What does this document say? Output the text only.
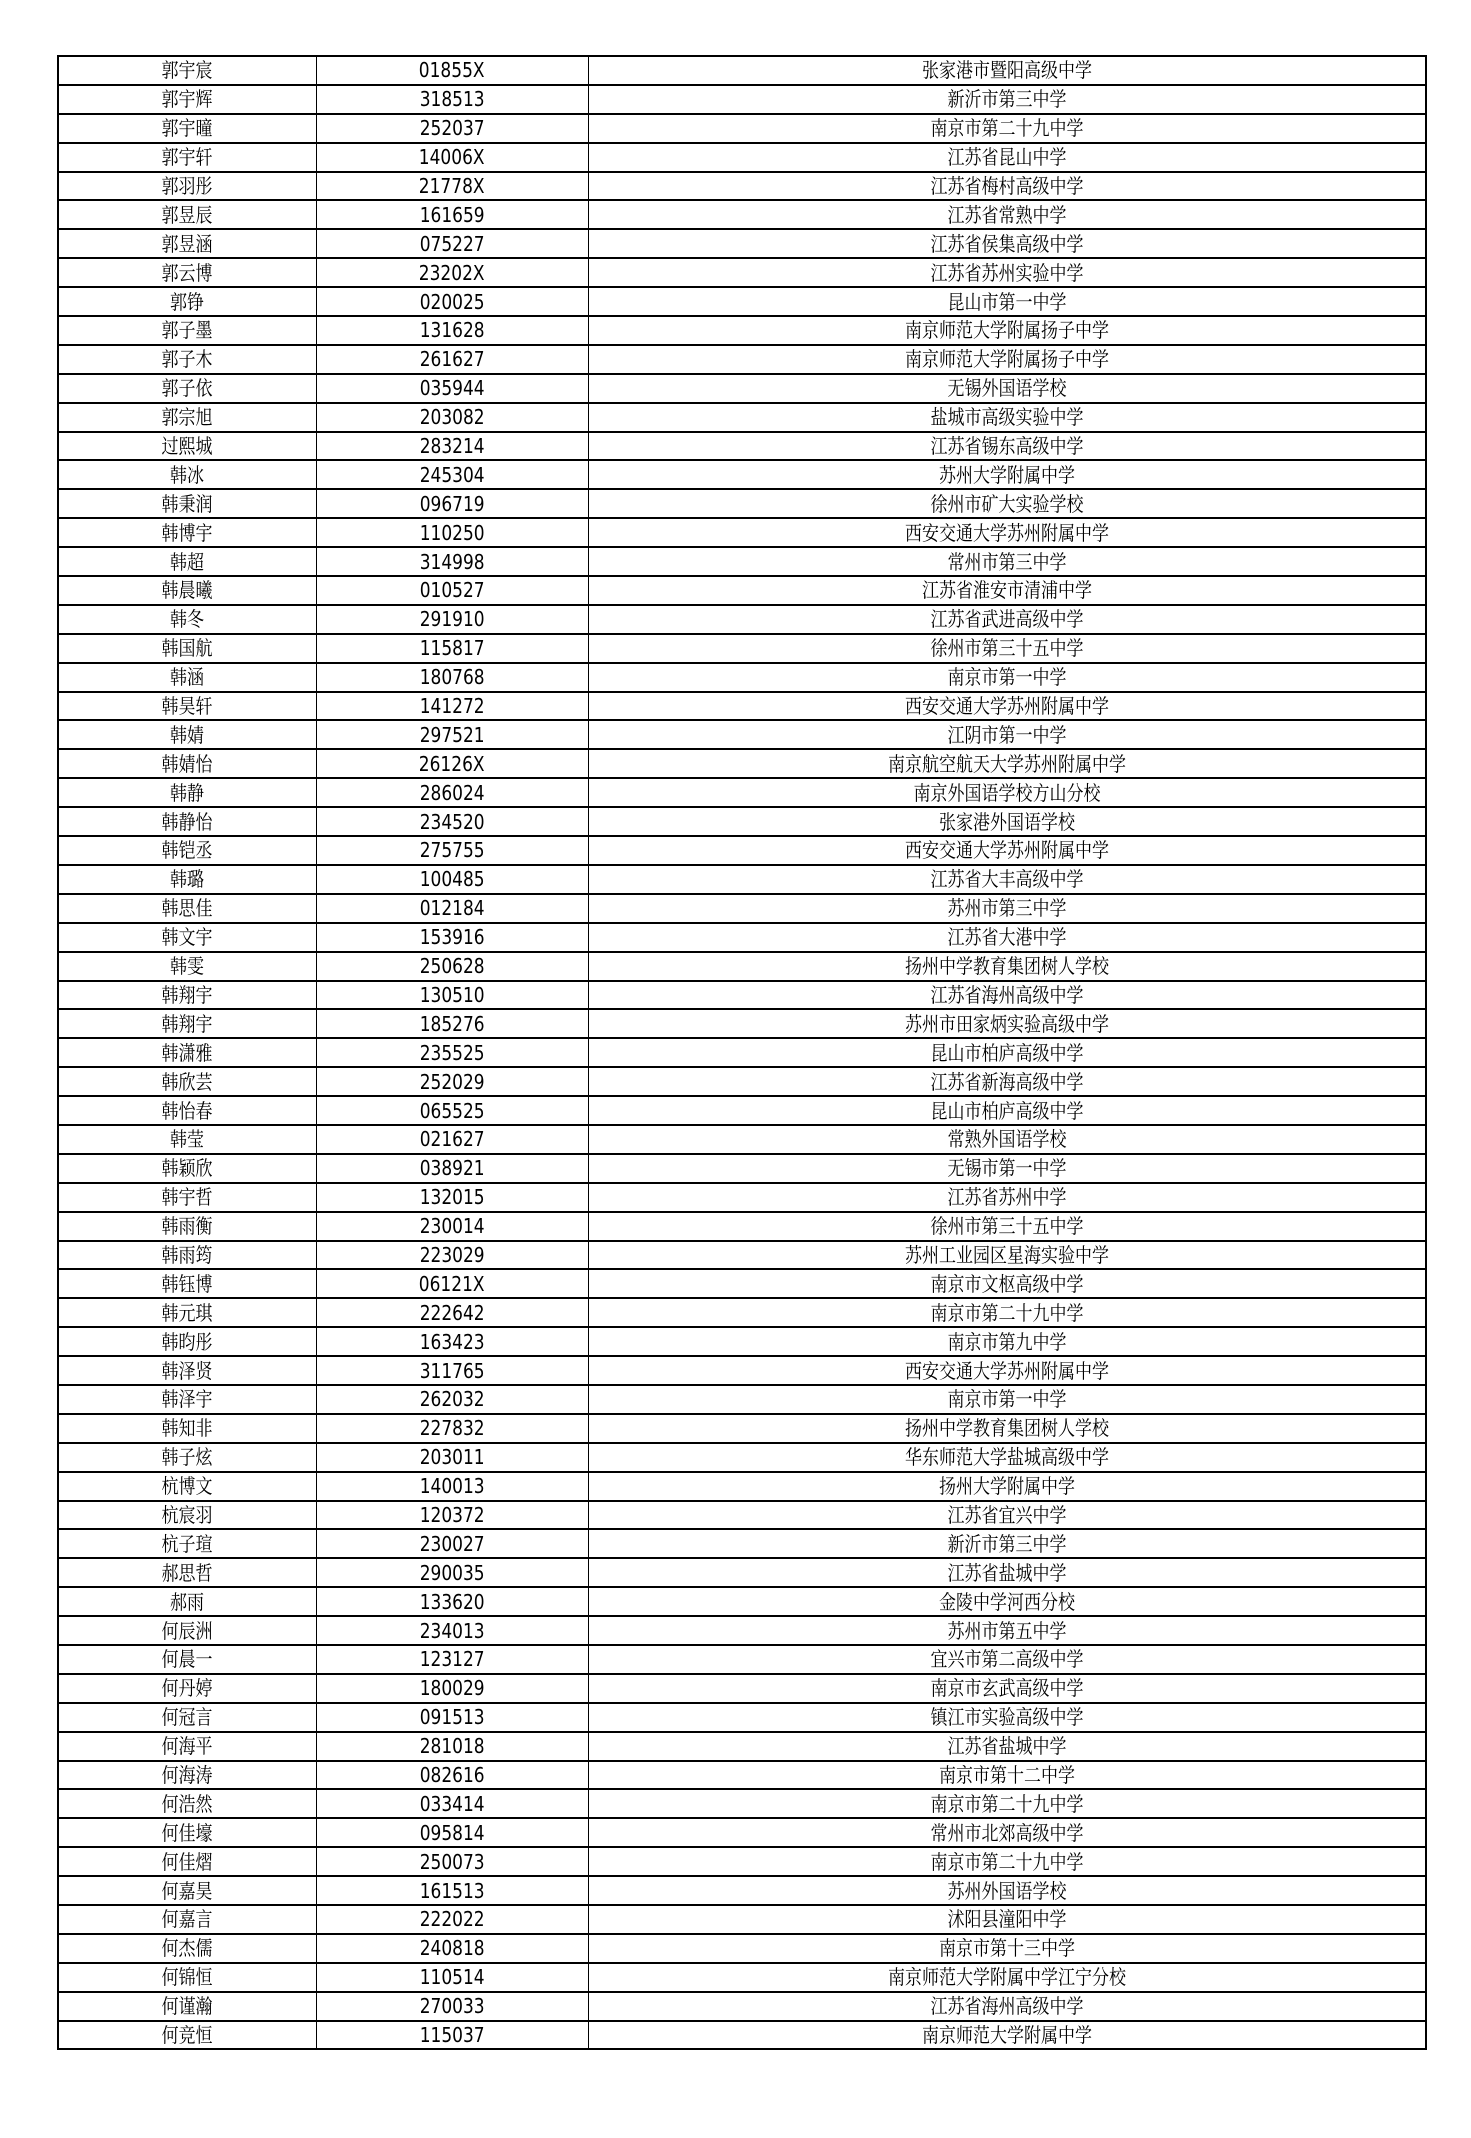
郭宇宸	01855X	张家港市暨阳高级中学
郭宇辉	318513	新沂市第三中学
郭宇曈	252037	南京市第二十九中学
郭宇轩	14006X	江苏省昆山中学
郭羽彤	21778X	江苏省梅村高级中学
郭昱辰	161659	江苏省常熟中学
郭昱涵	075227	江苏省侯集高级中学
郭云博	23202X	江苏省苏州实验中学
郭铮	020025	昆山市第一中学
郭子墨	131628	南京师范大学附属扬子中学
郭子木	261627	南京师范大学附属扬子中学
郭子依	035944	无锡外国语学校
郭宗旭	203082	盐城市高级实验中学
过熙城	283214	江苏省锡东高级中学
韩冰	245304	苏州大学附属中学
韩秉润	096719	徐州市矿大实验学校
韩博宇	110250	西安交通大学苏州附属中学
韩超	314998	常州市第三中学
韩晨曦	010527	江苏省淮安市清浦中学
韩冬	291910	江苏省武进高级中学
韩国航	115817	徐州市第三十五中学
韩涵	180768	南京市第一中学
韩昊轩	141272	西安交通大学苏州附属中学
韩婧	297521	江阴市第一中学
韩婧怡	26126X	南京航空航天大学苏州附属中学
韩静	286024	南京外国语学校方山分校
韩静怡	234520	张家港外国语学校
韩铠丞	275755	西安交通大学苏州附属中学
韩璐	100485	江苏省大丰高级中学
韩思佳	012184	苏州市第三中学
韩文宇	153916	江苏省大港中学
韩雯	250628	扬州中学教育集团树人学校
韩翔宇	130510	江苏省海州高级中学
韩翔宇	185276	苏州市田家炳实验高级中学
韩潇雅	235525	昆山市柏庐高级中学
韩欣芸	252029	江苏省新海高级中学
韩怡春	065525	昆山市柏庐高级中学
韩莹	021627	常熟外国语学校
韩颖欣	038921	无锡市第一中学
韩宇哲	132015	江苏省苏州中学
韩雨衡	230014	徐州市第三十五中学
韩雨筠	223029	苏州工业园区星海实验中学
韩钰博	06121X	南京市文枢高级中学
韩元琪	222642	南京市第二十九中学
韩昀彤	163423	南京市第九中学
韩泽贤	311765	西安交通大学苏州附属中学
韩泽宇	262032	南京市第一中学
韩知非	227832	扬州中学教育集团树人学校
韩子炫	203011	华东师范大学盐城高级中学
杭博文	140013	扬州大学附属中学
杭宸羽	120372	江苏省宜兴中学
杭子瑄	230027	新沂市第三中学
郝思哲	290035	江苏省盐城中学
郝雨	133620	金陵中学河西分校
何辰洲	234013	苏州市第五中学
何晨一	123127	宜兴市第二高级中学
何丹婷	180029	南京市玄武高级中学
何冠言	091513	镇江市实验高级中学
何海平	281018	江苏省盐城中学
何海涛	082616	南京市第十二中学
何浩然	033414	南京市第二十九中学
何佳壕	095814	常州市北郊高级中学
何佳熠	250073	南京市第二十九中学
何嘉昊	161513	苏州外国语学校
何嘉言	222022	沭阳县潼阳中学
何杰儒	240818	南京市第十三中学
何锦恒	110514	南京师范大学附属中学江宁分校
何谨瀚	270033	江苏省海州高级中学
何竞恒	115037	南京师范大学附属中学
